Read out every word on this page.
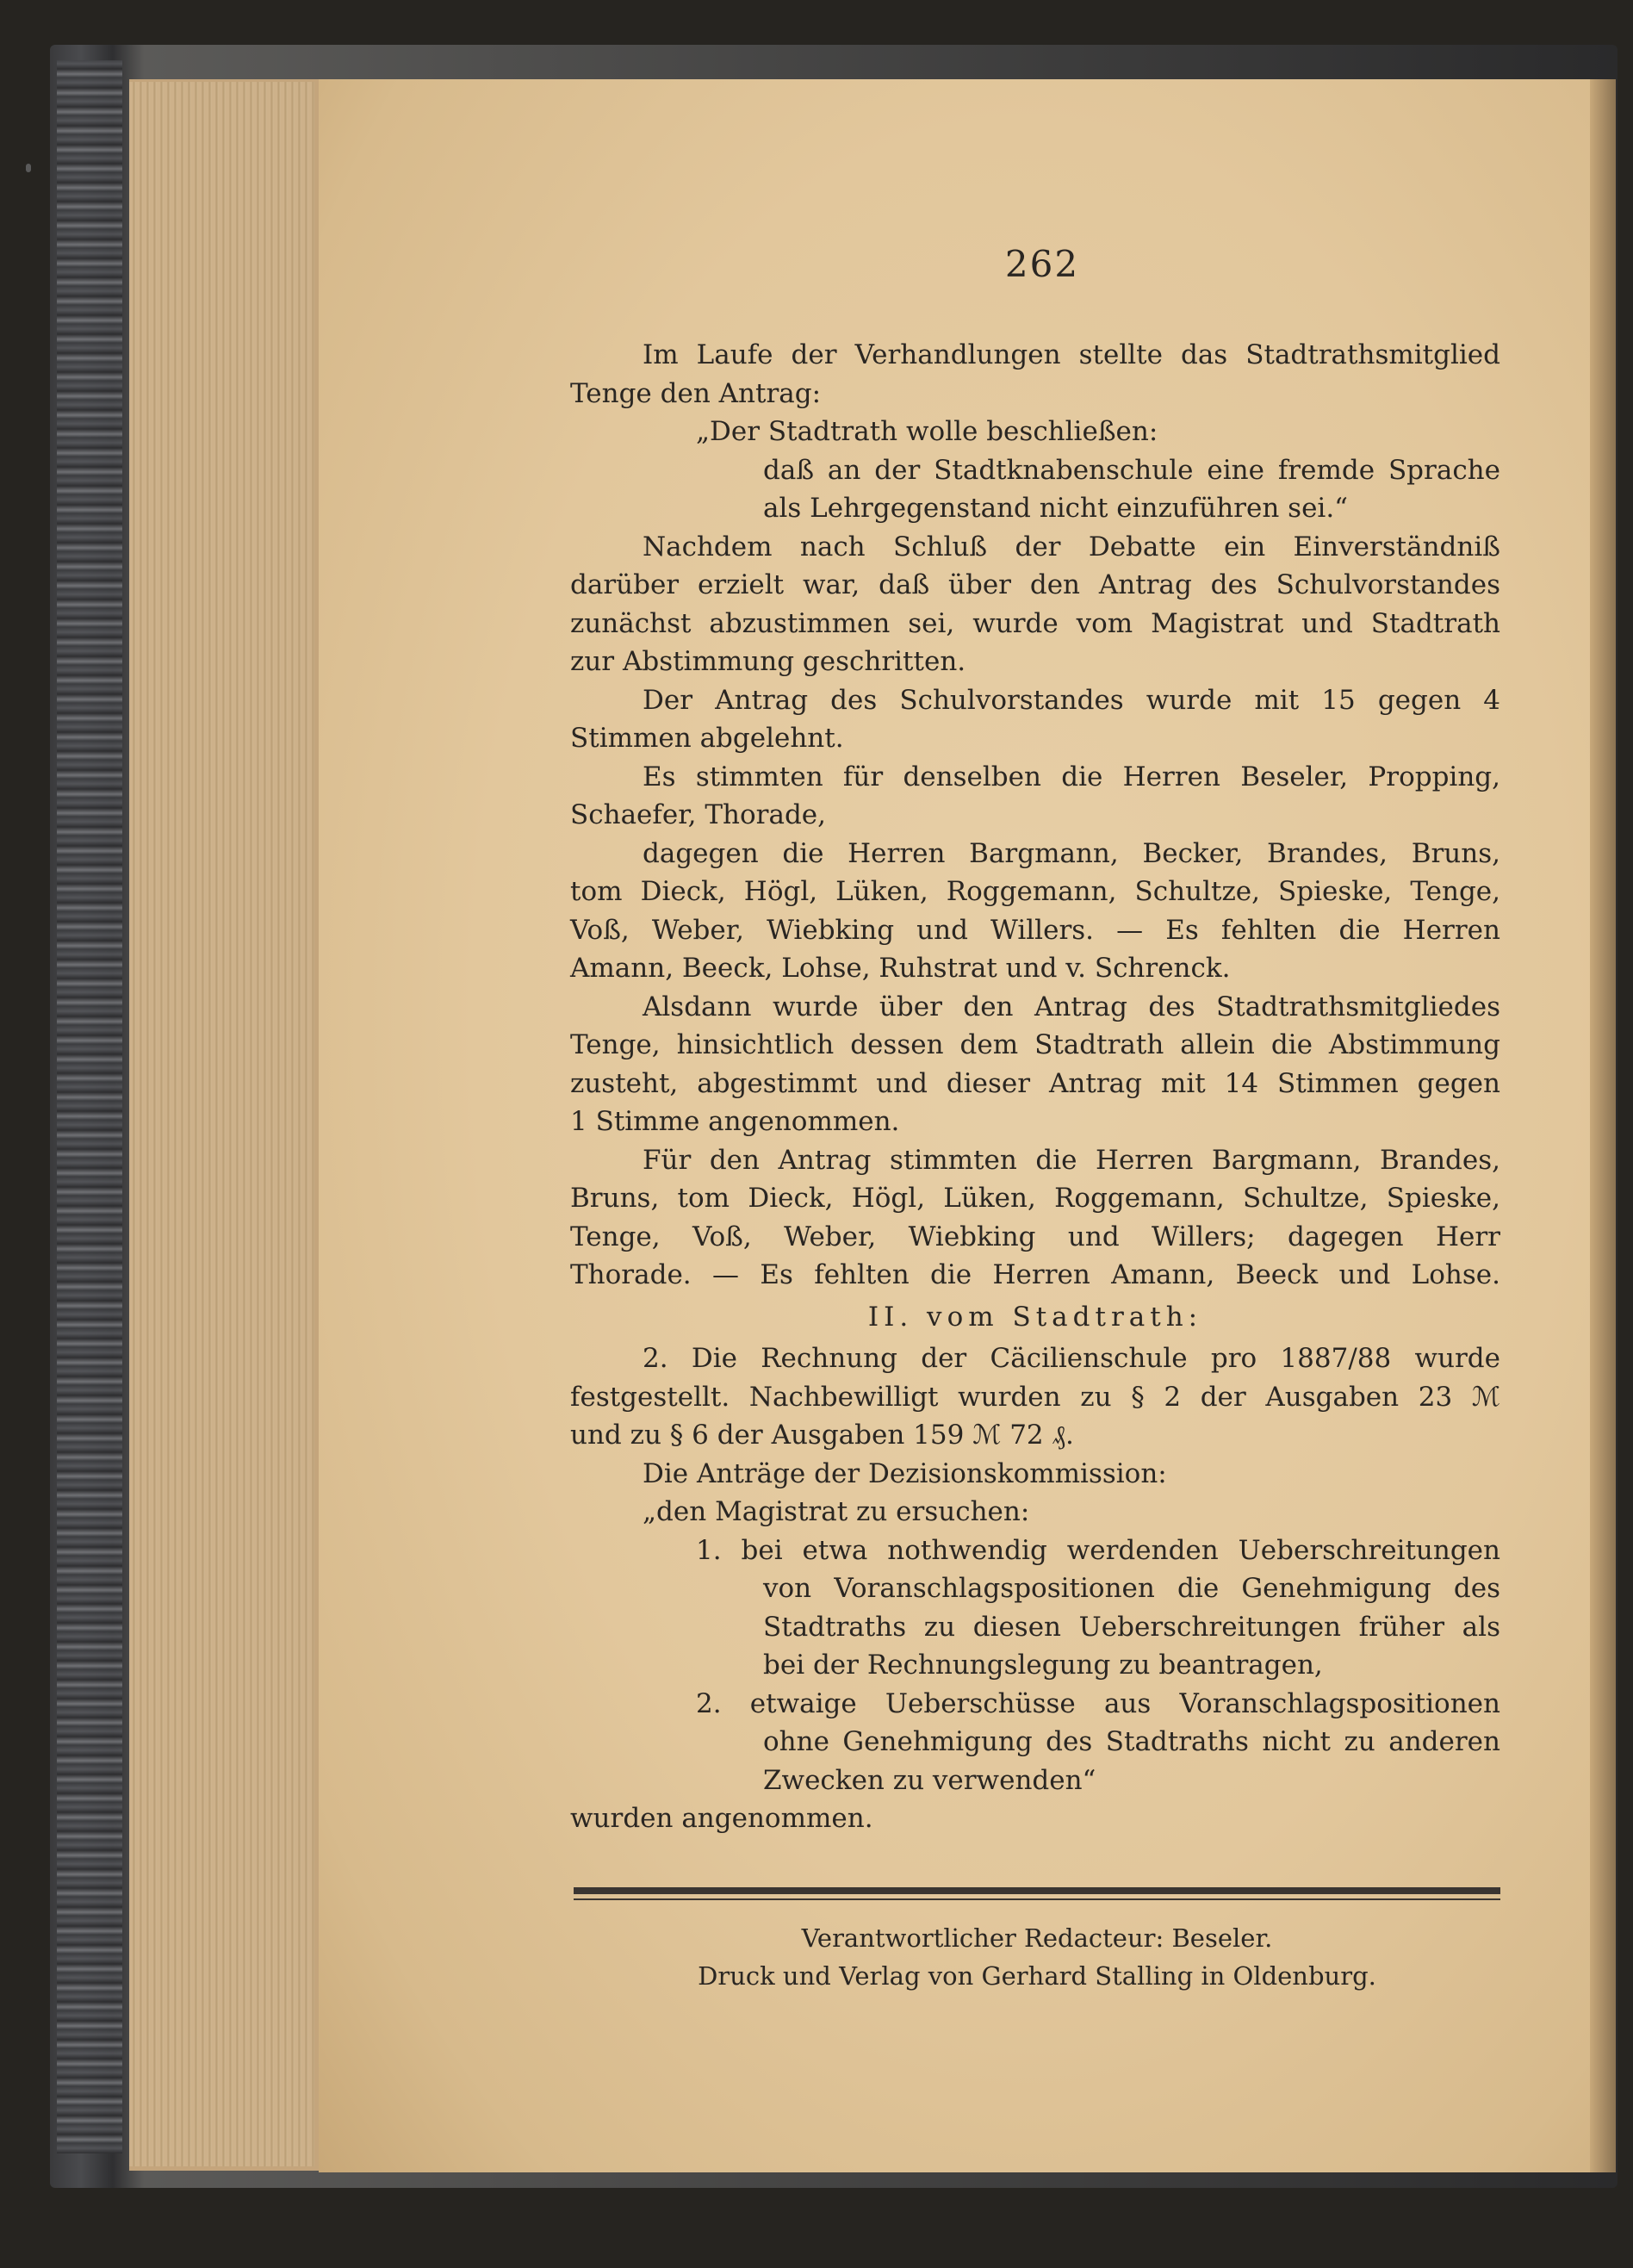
262
Im Laufe der Verhandlungen stellte das Stadtrathsmitglied
Tenge den Antrag:
„Der Stadtrath wolle beschließen:
daß an der Stadtknabenschule eine fremde Sprache
als Lehrgegenstand nicht einzuführen sei.“
Nachdem nach Schluß der Debatte ein Einverständniß
darüber erzielt war, daß über den Antrag des Schulvorstandes
zunächst abzustimmen sei, wurde vom Magistrat und Stadtrath
zur Abstimmung geschritten.
Der Antrag des Schulvorstandes wurde mit 15 gegen 4
Stimmen abgelehnt.
Es stimmten für denselben die Herren Beseler, Propping,
Schaefer, Thorade,
dagegen die Herren Bargmann, Becker, Brandes, Bruns,
tom Dieck, Högl, Lüken, Roggemann, Schultze, Spieske, Tenge,
Voß, Weber, Wiebking und Willers. — Es fehlten die Herren
Amann, Beeck, Lohse, Ruhstrat und v. Schrenck.
Alsdann wurde über den Antrag des Stadtrathsmitgliedes
Tenge, hinsichtlich dessen dem Stadtrath allein die Abstimmung
zusteht, abgestimmt und dieser Antrag mit 14 Stimmen gegen
1 Stimme angenommen.
Für den Antrag stimmten die Herren Bargmann, Brandes,
Bruns, tom Dieck, Högl, Lüken, Roggemann, Schultze, Spieske,
Tenge, Voß, Weber, Wiebking und Willers; dagegen Herr
Thorade. — Es fehlten die Herren Amann, Beeck und Lohse.
II. vom Stadtrath:
2. Die Rechnung der Cäcilienschule pro 1887/88 wurde
festgestellt. Nachbewilligt wurden zu § 2 der Ausgaben 23 ℳ
und zu § 6 der Ausgaben 159 ℳ 72 ₰.
Die Anträge der Dezisionskommission:
„den Magistrat zu ersuchen:
1. bei etwa nothwendig werdenden Ueberschreitungen
von Voranschlagspositionen die Genehmigung des
Stadtraths zu diesen Ueberschreitungen früher als
bei der Rechnungslegung zu beantragen,
2. etwaige Ueberschüsse aus Voranschlagspositionen
ohne Genehmigung des Stadtraths nicht zu anderen
Zwecken zu verwenden“
wurden angenommen.
Verantwortlicher Redacteur: Beseler.
Druck und Verlag von Gerhard Stalling in Oldenburg.
